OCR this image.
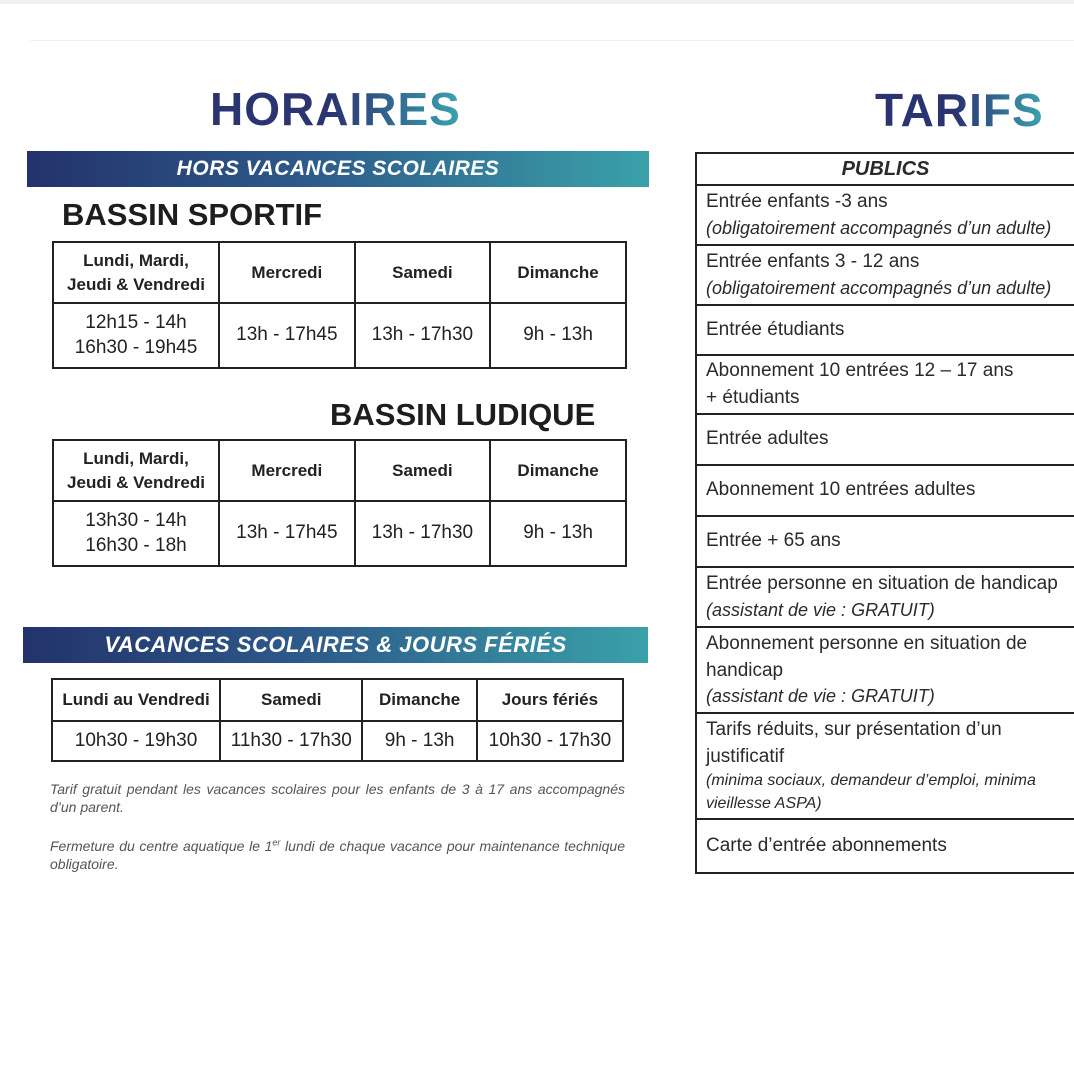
HORAIRES	TARIFS
HORS VACANCES SCOLAIRES
BASSIN SPORTIF
Lundi, Mardi,
Jeudi & Vendredi	Mercredi	Samedi	Dimanche
12h15 - 14h
16h30 - 19h45	13h - 17h45	13h - 17h30	9h - 13h
BASSIN LUDIQUE
Lundi, Mardi,
Jeudi & Vendredi	Mercredi	Samedi	Dimanche
13h30 - 14h
16h30 - 18h	13h - 17h45	13h - 17h30	9h - 13h
VACANCES SCOLAIRES & JOURS FÉRIÉS
Lundi au Vendredi	Samedi	Dimanche	Jours fériés
10h30 - 19h30	11h30 - 17h30	9h - 13h	10h30 - 17h30
Tarif gratuit pendant les vacances scolaires pour les enfants de 3 à 17 ans accompagnés d’un parent.
Fermeture du centre aquatique le 1er lundi de chaque vacance pour maintenance technique obligatoire.
PUBLICS
Entrée enfants -3 ans
(obligatoirement accompagnés d’un adulte)

Entrée enfants 3 - 12 ans
(obligatoirement accompagnés d’un adulte)

Entrée étudiants
Abonnement 10 entrées 12 – 17 ans
+ étudiants
Entrée adultes
Abonnement 10 entrées adultes
Entrée + 65 ans
Entrée personne en situation de handicap
(assistant de vie : GRATUIT)

Abonnement personne en situation de
handicap
(assistant de vie : GRATUIT)

Tarifs réduits, sur présentation d’un
justificatif
(minima sociaux, demandeur d’emploi, minima
vieillesse ASPA)

Carte d’entrée abonnements
